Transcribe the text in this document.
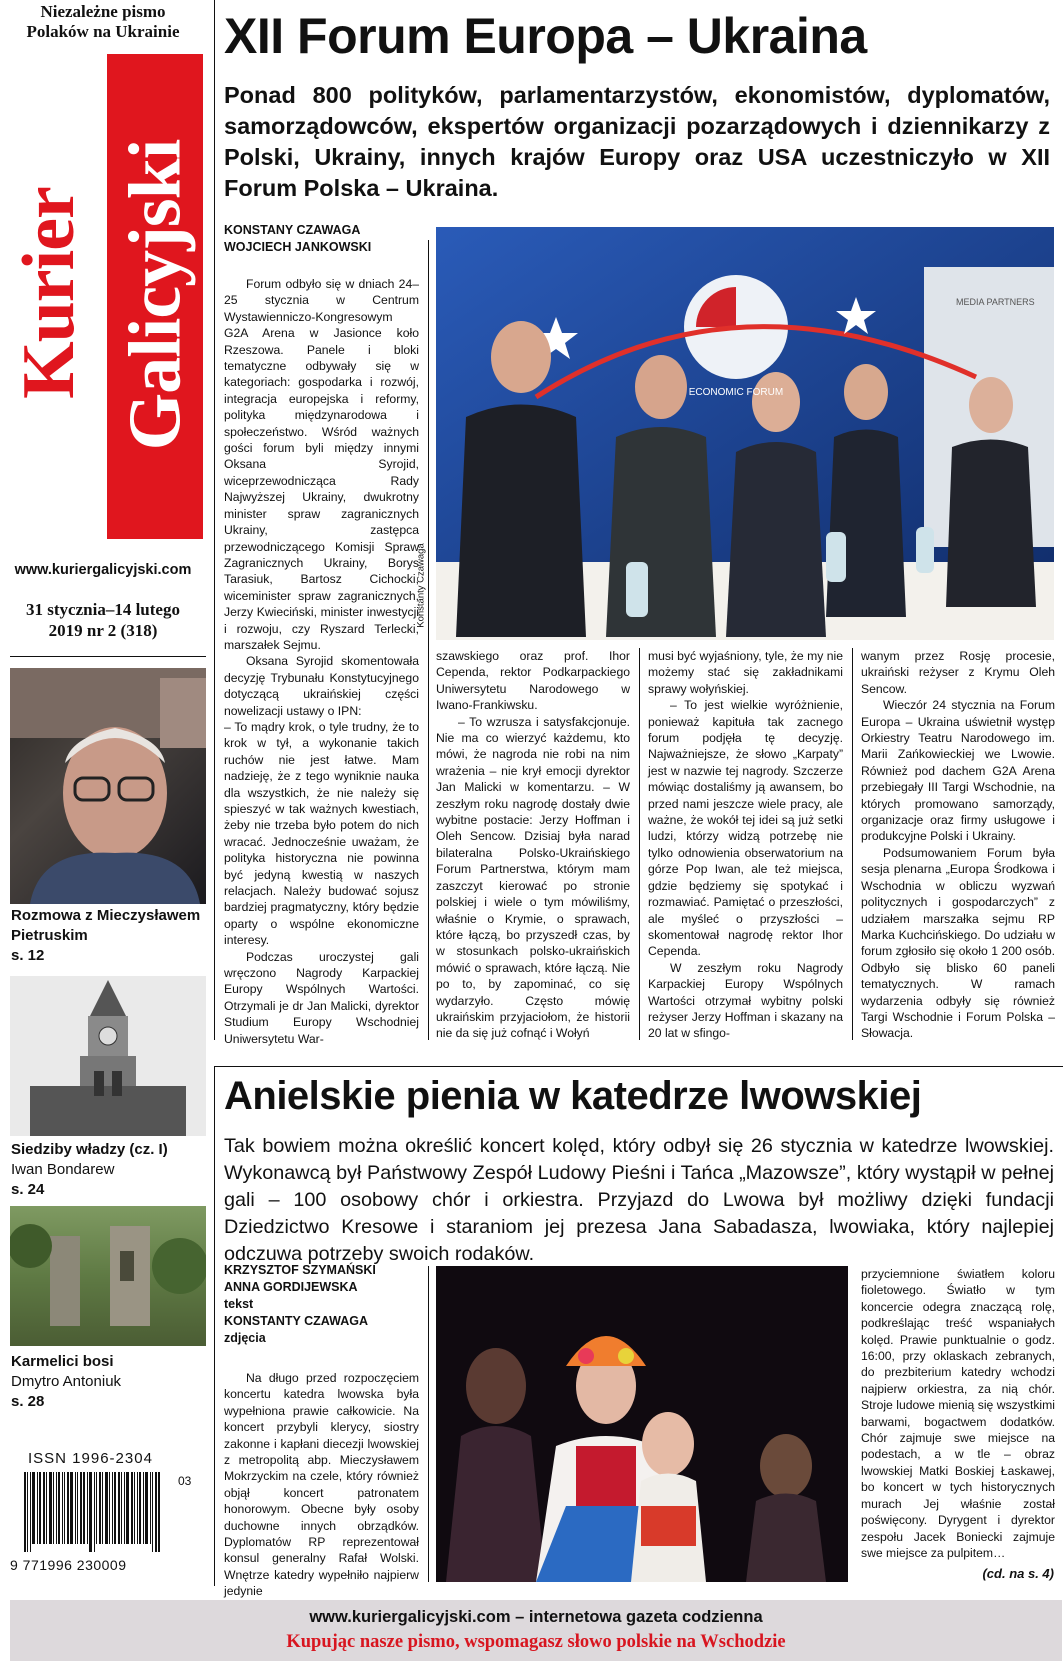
Niezależne pismo
Polaków na Ukrainie
Kurier Galicyjski
www.kuriergalicyjski.com
31 stycznia–14 lutego
2019 nr 2 (318)
Rozmowa z Mieczysławem
Pietruskim
s. 12
Siedziby władzy (cz. I)
Iwan Bondarew
s. 24
Karmelici bosi
Dmytro Antoniuk
s. 28
ISSN 1996-2304
03
9 771996 230009
XII Forum Europa – Ukraina
Ponad 800 polityków, parlamentarzystów, ekonomistów, dyplomatów, samorządowców, ekspertów organizacji pozarządowych i dziennikarzy z Polski, Ukrainy, innych krajów Europy oraz USA uczestniczyło w XII Forum Polska – Ukraina.
KONSTANY CZAWAGA
WOJCIECH JANKOWSKI

Forum odbyło się w dniach 24–25 stycznia w Centrum Wystawienniczo-Kongresowym G2A Arena w Jasionce koło Rzeszowa. Panele i bloki tematyczne odbywały się w kategoriach: gospodarka i rozwój, integracja europejska i reformy, polityka międzynarodowa i społeczeństwo. Wśród ważnych gości forum byli między innymi Oksana Syrojid, wiceprzewodnicząca Rady Najwyższej Ukrainy, dwukrotny minister spraw zagranicznych Ukrainy, zastępca przewodniczącego Komisji Spraw Zagranicznych Ukrainy, Borys Tarasiuk, Bartosz Cichocki, wiceminister spraw zagranicznych, Jerzy Kwieciński, minister inwestycji i rozwoju, czy Ryszard Terlecki, marszałek Sejmu.

Oksana Syrojid skomentowała decyzję Trybunału Konstytucyjnego dotyczącą ukraińskiej części nowelizacji ustawy o IPN:

– To mądry krok, o tyle trudny, że to krok w tył, a wykonanie takich ruchów nie jest łatwe. Mam nadzieję, że z tego wyniknie nauka dla wszystkich, że nie należy się spieszyć w tak ważnych kwestiach, żeby nie trzeba było potem do nich wracać. Jednocześnie uważam, że polityka historyczna nie powinna być jedyną kwestią w naszych relacjach. Należy budować sojusz bardziej pragmatyczny, który będzie oparty o wspólne ekonomiczne interesy.

Podczas uroczystej gali wręczono Nagrody Karpackiej Europy Wspólnych Wartości. Otrzymali je dr Jan Malicki, dyrektor Studium Europy Wschodniej Uniwersytetu War-

ECONOMIC FORUM
MEDIA PARTNERS
Konstanty Czawaga

szawskiego oraz prof. Ihor Cependa, rektor Podkarpackiego Uniwersytetu Narodowego w Iwano-Frankiwsku.

– To wzrusza i satysfakcjonuje. Nie ma co wierzyć każdemu, kto mówi, że nagroda nie robi na nim wrażenia – nie krył emocji dyrektor Jan Malicki w komentarzu. – W zeszłym roku nagrodę dostały dwie wybitne postacie: Jerzy Hoffman i Oleh Sencow. Dzisiaj była narad bilateralna Polsko-Ukraińskiego Forum Partnerstwa, którym mam zaszczyt kierować po stronie polskiej i wiele o tym mówiliśmy, właśnie o Krymie, o sprawach, które łączą, bo przyszedł czas, by w stosunkach polsko-ukraińskich mówić o sprawach, które łączą. Nie po to, by zapominać, co się wydarzyło. Często mówię ukraińskim przyjaciołom, że historii nie da się już cofnąć i Wołyń

musi być wyjaśniony, tyle, że my nie możemy stać się zakładnikami sprawy wołyńskiej.

– To jest wielkie wyróżnienie, ponieważ kapituła tak zacnego forum podjęła tę decyzję. Najważniejsze, że słowo „Karpaty” jest w nazwie tej nagrody. Szczerze mówiąc dostaliśmy ją awansem, bo przed nami jeszcze wiele pracy, ale ważne, że wokół tej idei są już setki ludzi, którzy widzą potrzebę nie tylko odnowienia obserwatorium na górze Pop Iwan, ale też miejsca, gdzie będziemy się spotykać i rozmawiać. Pamiętać o przeszłości, ale myśleć o przyszłości – skomentował nagrodę rektor Ihor Cependa.

W zeszłym roku Nagrody Karpackiej Europy Wspólnych Wartości otrzymał wybitny polski reżyser Jerzy Hoffman i skazany na 20 lat w sfingo-

wanym przez Rosję procesie, ukraiński reżyser z Krymu Oleh Sencow.

Wieczór 24 stycznia na Forum Europa – Ukraina uświetnił występ Orkiestry Teatru Narodowego im. Marii Zańkowieckiej we Lwowie. Również pod dachem G2A Arena przebiegały III Targi Wschodnie, na których promowano samorządy, organizacje oraz firmy usługowe i produkcyjne Polski i Ukrainy.

Podsumowaniem Forum była sesja plenarna „Europa Środkowa i Wschodnia w obliczu wyzwań politycznych i gospodarczych” z udziałem marszałka sejmu RP Marka Kuchcińskiego. Do udziału w forum zgłosiło się około 1 200 osób. Odbyło się blisko 60 paneli tematycznych. W ramach wydarzenia odbyły się również Targi Wschodnie i Forum Polska – Słowacja.

Anielskie pienia w katedrze lwowskiej
Tak bowiem można określić koncert kolęd, który odbył się 26 stycznia w katedrze lwowskiej. Wykonawcą był Państwowy Zespół Ludowy Pieśni i Tańca „Mazowsze”, który wystąpił w pełnej gali – 100 osobowy chór i orkiestra. Przyjazd do Lwowa był możliwy dzięki fundacji Dziedzictwo Kresowe i staraniom jej prezesa Jana Sabadasza, lwowiaka, który najlepiej odczuwa potrzeby swoich rodaków.
KRZYSZTOF SZYMAŃSKI
ANNA GORDIJEWSKA
tekst
KONSTANTY CZAWAGA
zdjęcia

Na długo przed rozpoczęciem koncertu katedra lwowska była wypełniona prawie całkowicie. Na koncert przybyli klerycy, siostry zakonne i kapłani diecezji lwowskiej z metropolitą abp. Mieczysławem Mokrzyckim na czele, który również objął koncert patronatem honorowym. Obecne były osoby duchowne innych obrządków. Dyplomatów RP reprezentował konsul generalny Rafał Wolski. Wnętrze katedry wypełniło najpierw jedynie

przyciemnione światłem koloru fioletowego. Światło w tym koncercie odegra znaczącą rolę, podkreślając treść wspaniałych kolęd. Prawie punktualnie o godz. 16:00, przy oklaskach zebranych, do prezbiterium katedry wchodzi najpierw orkiestra, za nią chór. Stroje ludowe mienią się wszystkimi barwami, bogactwem dodatków. Chór zajmuje swe miejsce na podestach, a w tle – obraz lwowskiej Matki Boskiej Łaskawej, bo koncert w tych historycznych murach Jej właśnie został poświęcony. Dyrygent i dyrektor zespołu Jacek Boniecki zajmuje swe miejsce za pulpitem…

(cd. na s. 4)
www.kuriergalicyjski.com – internetowa gazeta codzienna
Kupując nasze pismo, wspomagasz słowo polskie na Wschodzie
